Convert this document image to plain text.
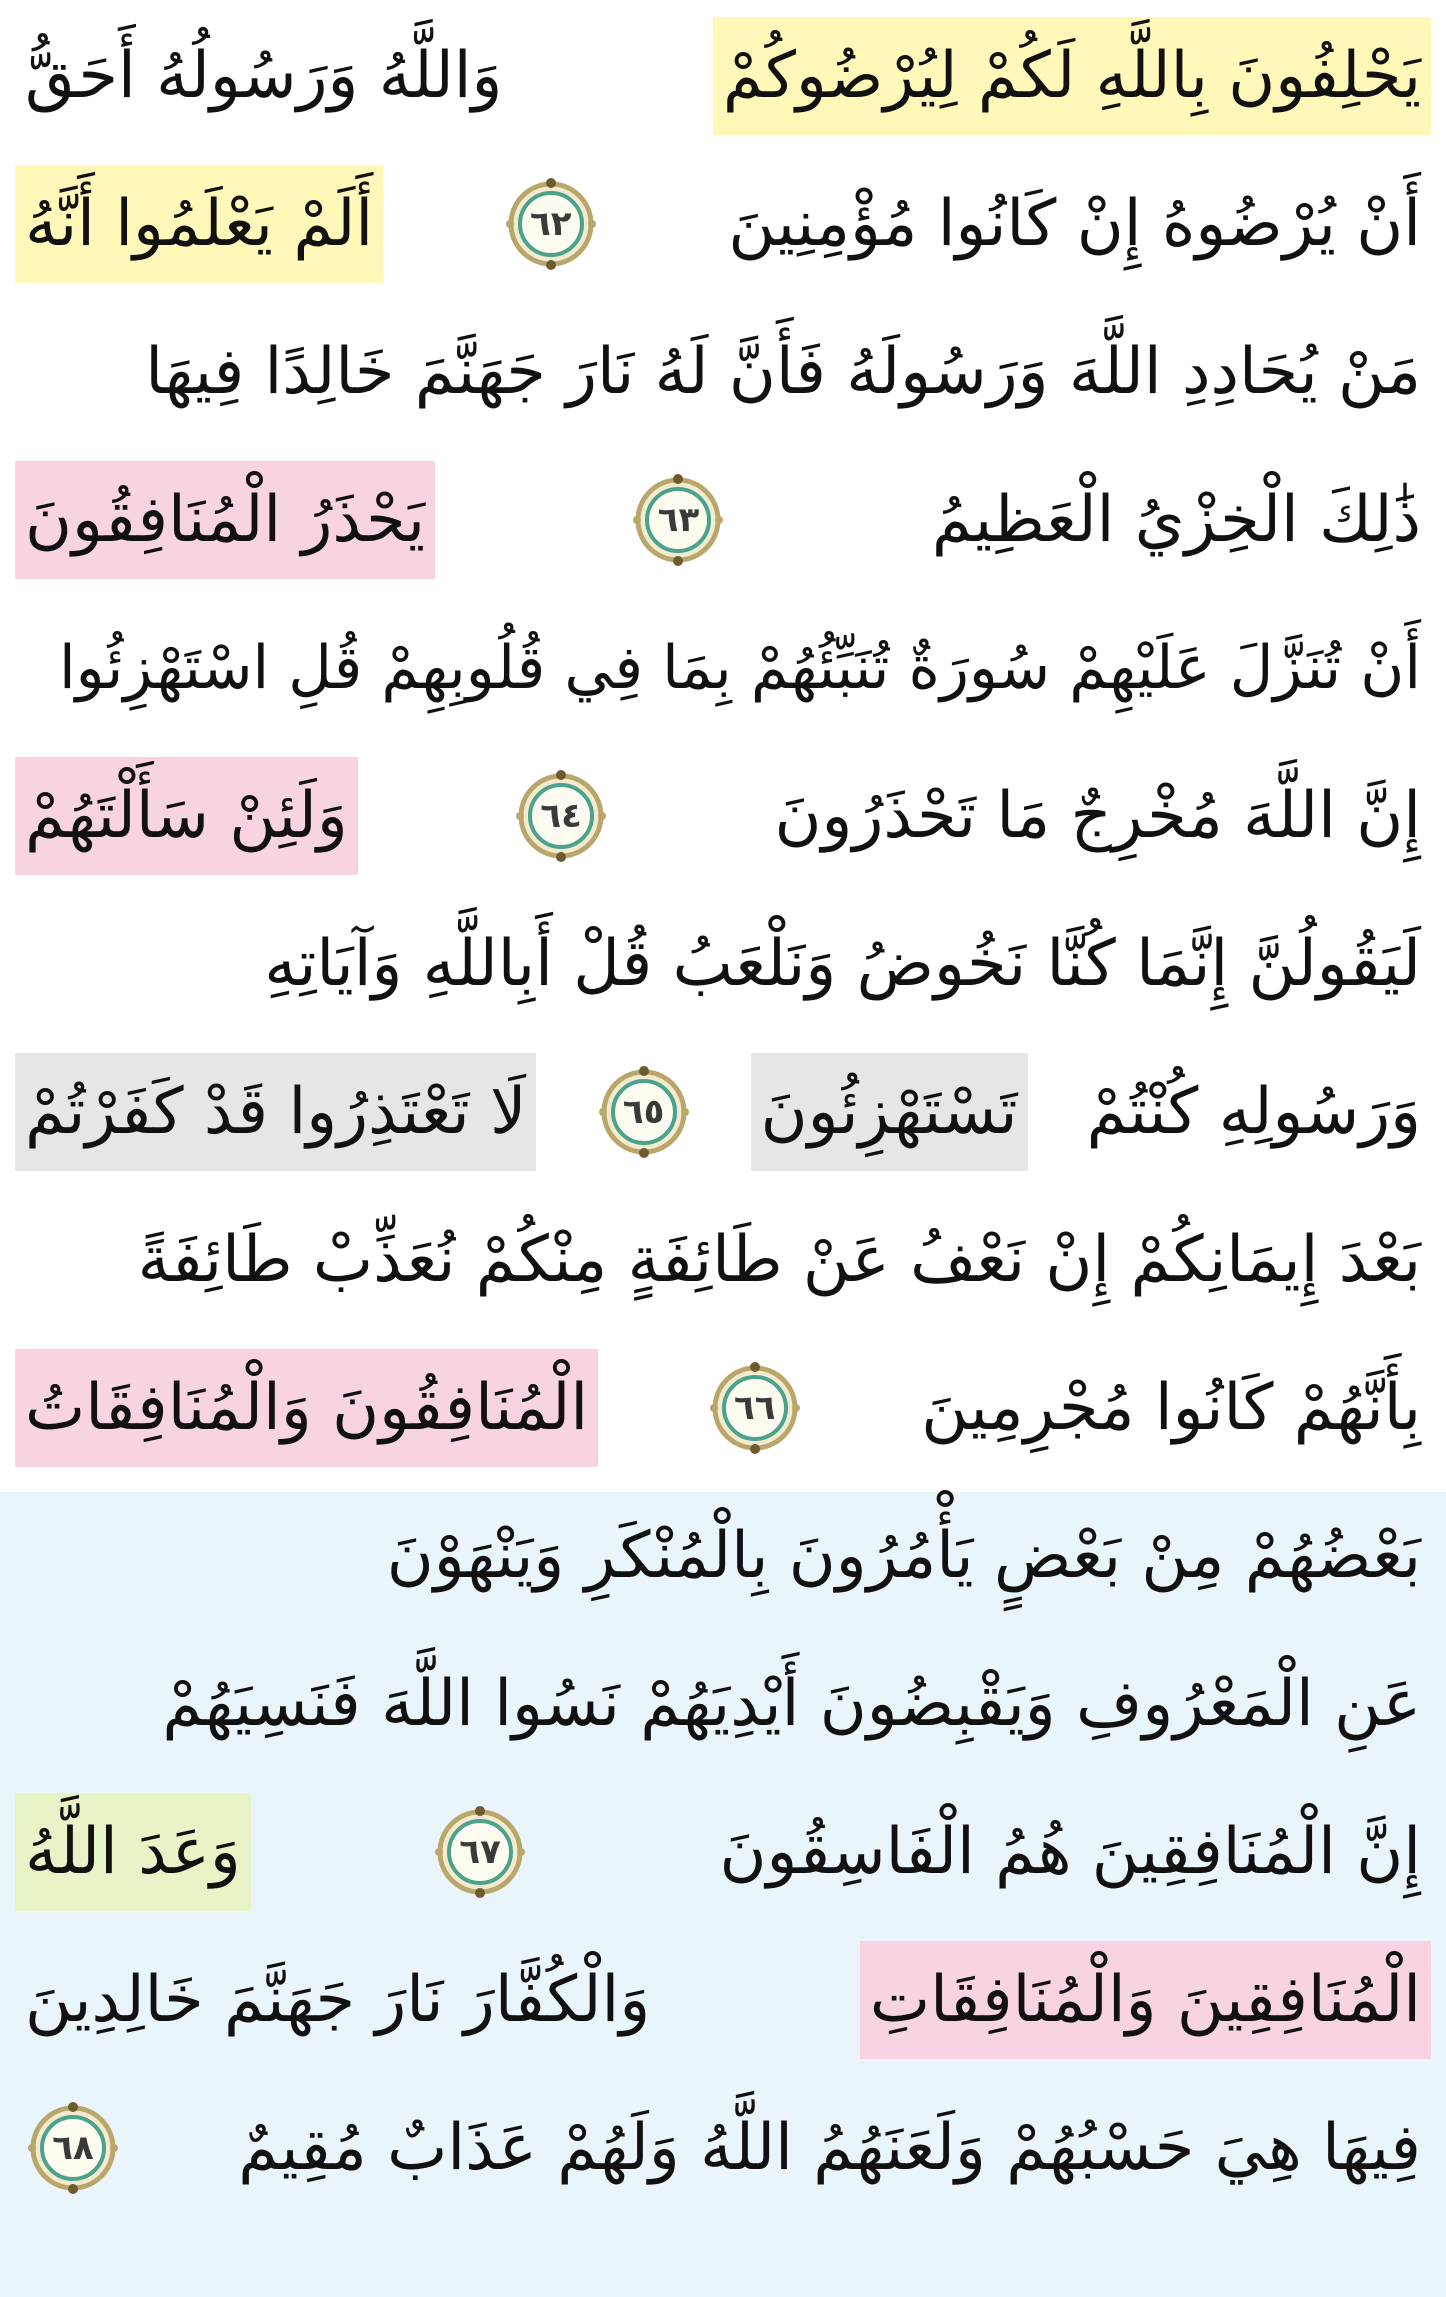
يَحْلِفُونَ بِاللَّهِ لَكُمْ لِيُرْضُوكُمْ
وَاللَّهُ وَرَسُولُهُ أَحَقُّ
أَنْ يُرْضُوهُ إِنْ كَانُوا مُؤْمِنِينَ
٦٢
أَلَمْ يَعْلَمُوا أَنَّهُ
مَنْ يُحَادِدِ اللَّهَ وَرَسُولَهُ فَأَنَّ لَهُ نَارَ جَهَنَّمَ خَالِدًا فِيهَا
ذَٰلِكَ الْخِزْيُ الْعَظِيمُ
٦٣
يَحْذَرُ الْمُنَافِقُونَ
أَنْ تُنَزَّلَ عَلَيْهِمْ سُورَةٌ تُنَبِّئُهُمْ بِمَا فِي قُلُوبِهِمْ قُلِ اسْتَهْزِئُوا
إِنَّ اللَّهَ مُخْرِجٌ مَا تَحْذَرُونَ
٦٤
وَلَئِنْ سَأَلْتَهُمْ
لَيَقُولُنَّ إِنَّمَا كُنَّا نَخُوضُ وَنَلْعَبُ قُلْ أَبِاللَّهِ وَآيَاتِهِ
وَرَسُولِهِ كُنْتُمْ
تَسْتَهْزِئُونَ
٦٥
لَا تَعْتَذِرُوا قَدْ كَفَرْتُمْ
بَعْدَ إِيمَانِكُمْ إِنْ نَعْفُ عَنْ طَائِفَةٍ مِنْكُمْ نُعَذِّبْ طَائِفَةً
بِأَنَّهُمْ كَانُوا مُجْرِمِينَ
٦٦
الْمُنَافِقُونَ وَالْمُنَافِقَاتُ
بَعْضُهُمْ مِنْ بَعْضٍ يَأْمُرُونَ بِالْمُنْكَرِ وَيَنْهَوْنَ
عَنِ الْمَعْرُوفِ وَيَقْبِضُونَ أَيْدِيَهُمْ نَسُوا اللَّهَ فَنَسِيَهُمْ
إِنَّ الْمُنَافِقِينَ هُمُ الْفَاسِقُونَ
٦٧
وَعَدَ اللَّهُ
الْمُنَافِقِينَ وَالْمُنَافِقَاتِ
وَالْكُفَّارَ نَارَ جَهَنَّمَ خَالِدِينَ
فِيهَا هِيَ حَسْبُهُمْ وَلَعَنَهُمُ اللَّهُ وَلَهُمْ عَذَابٌ مُقِيمٌ
٦٨
